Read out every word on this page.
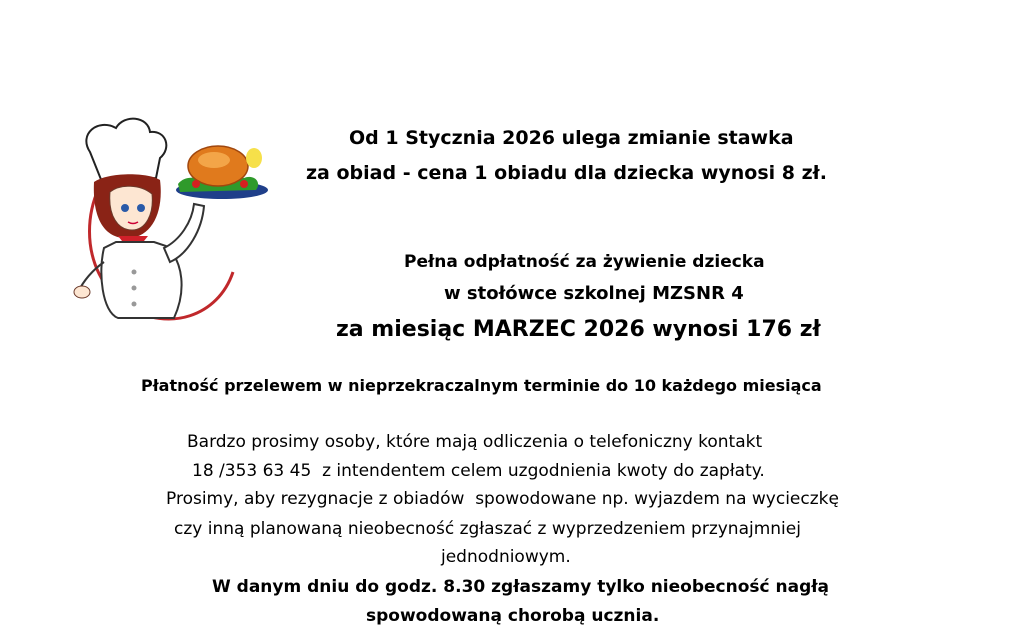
Od 1 Stycznia 2026 ulega zmianie stawka
za obiad - cena 1 obiadu dla dziecka wynosi 8 zł.
Pełna odpłatność za żywienie dziecka
w stołówce szkolnej MZSNR 4
za miesiąc MARZEC 2026 wynosi 176 zł
Płatność przelewem w nieprzekraczalnym terminie do 10 każdego miesiąca
Bardzo prosimy osoby, które mają odliczenia o telefoniczny kontakt
18 /353 63 45  z intendentem celem uzgodnienia kwoty do zapłaty.
Prosimy, aby rezygnacje z obiadów  spowodowane np. wyjazdem na wycieczkę
czy inną planowaną nieobecność zgłaszać z wyprzedzeniem przynajmniej
jednodniowym.
W danym dniu do godz. 8.30 zgłaszamy tylko nieobecność nagłą
spowodowaną chorobą ucznia.
